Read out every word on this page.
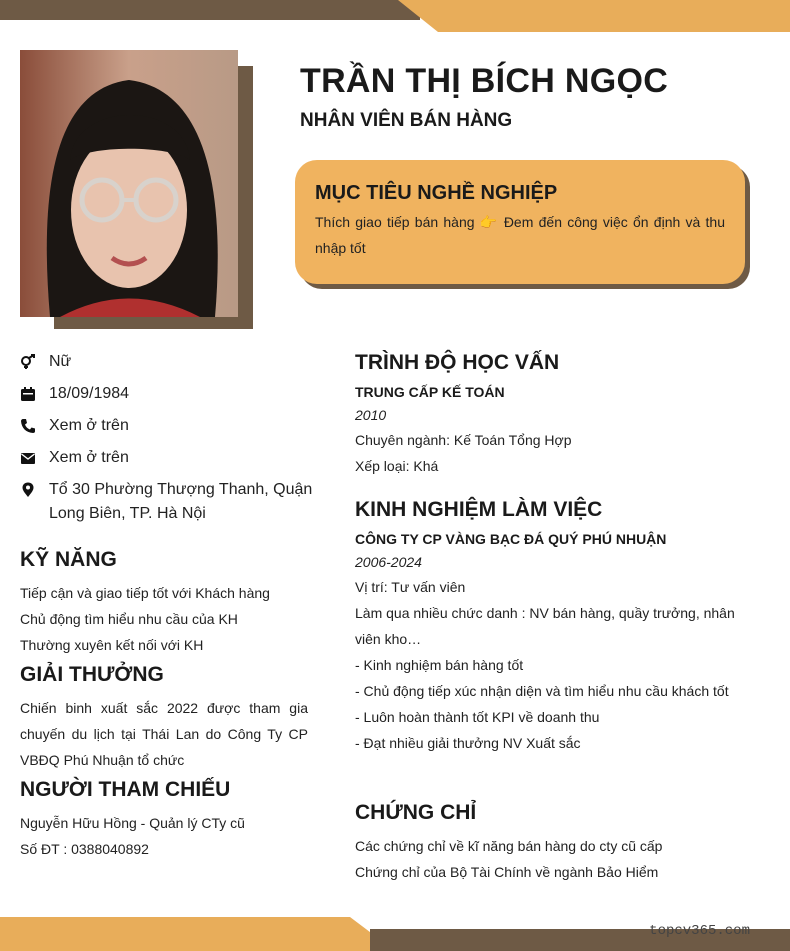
TRẦN THỊ BÍCH NGỌC
NHÂN VIÊN BÁN HÀNG
MỤC TIÊU NGHỀ NGHIỆP
Thích giao tiếp bán hàng 👉 Đem đến công việc ổn định và thu nhập tốt
Nữ
18/09/1984
Xem ở trên
Xem ở trên
Tổ 30 Phường Thượng Thanh, Quận Long Biên, TP. Hà Nội
KỸ NĂNG
Tiếp cận và giao tiếp tốt với Khách hàng
Chủ động tìm hiểu nhu cầu của KH
Thường xuyên kết nối với KH
GIẢI THƯỞNG
Chiến binh xuất sắc 2022 được tham gia chuyến du lịch tại Thái Lan do Công Ty CP VBĐQ Phú Nhuận tổ chức
NGƯỜI THAM CHIẾU
Nguyễn Hữu Hồng - Quản lý CTy cũ
Số ĐT : 0388040892
TRÌNH ĐỘ HỌC VẤN
TRUNG CẤP KẾ TOÁN
2010
Chuyên ngành: Kế Toán Tổng Hợp
Xếp loại: Khá
KINH NGHIỆM LÀM VIỆC
CÔNG TY CP VÀNG BẠC ĐÁ QUÝ PHÚ NHUẬN
2006-2024
Vị trí: Tư vấn viên
Làm qua nhiều chức danh : NV bán hàng, quầy trưởng, nhân viên kho…
- Kinh nghiệm bán hàng tốt
- Chủ động tiếp xúc nhận diện và tìm hiểu nhu cầu khách tốt
- Luôn hoàn thành tốt KPI về doanh thu
- Đạt nhiều giải thưởng NV Xuất sắc
CHỨNG CHỈ
Các chứng chỉ về kĩ năng bán hàng do cty cũ cấp
Chứng chỉ của Bộ Tài Chính về ngành Bảo Hiểm
topcv365.com
